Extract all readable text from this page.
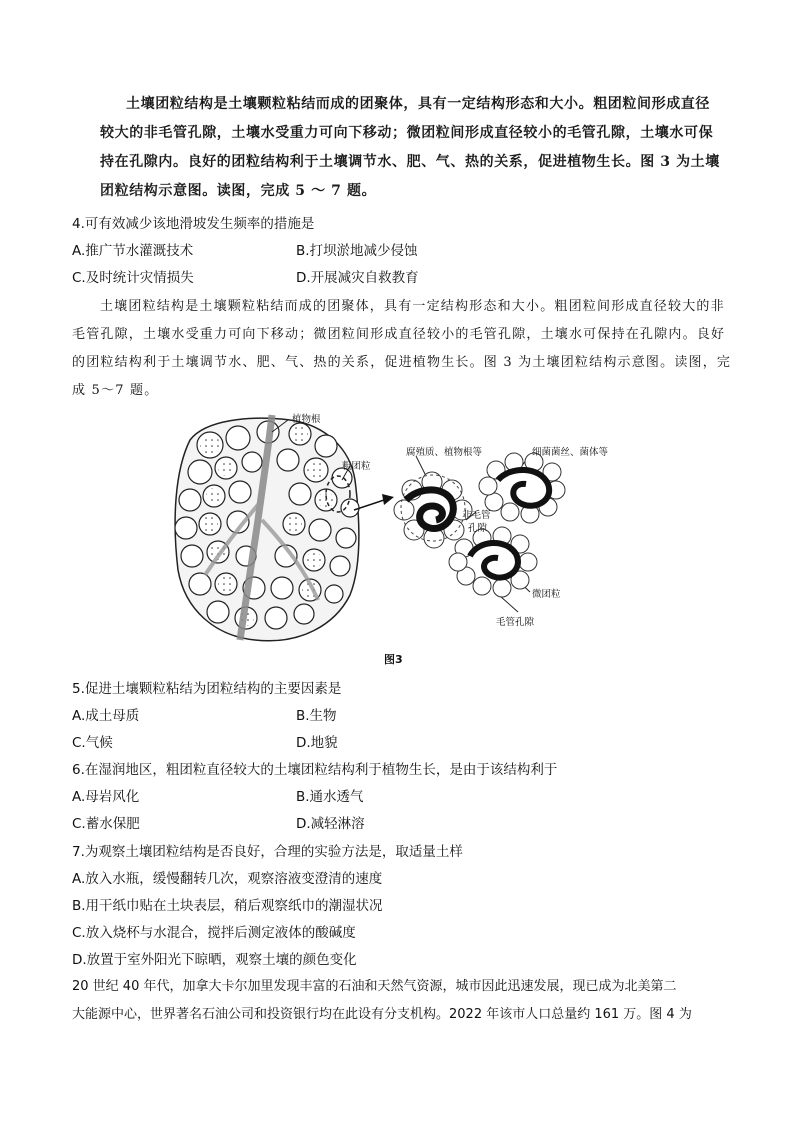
土壤团粒结构是土壤颗粒粘结而成的团聚体，具有一定结构形态和大小。粗团粒间形成直径
较大的非毛管孔隙，土壤水受重力可向下移动；微团粒间形成直径较小的毛管孔隙，土壤水可保
持在孔隙内。良好的团粒结构利于土壤调节水、肥、气、热的关系，促进植物生长。图 3 为土壤
团粒结构示意图。读图，完成 5 ～ 7 题。
4.可有效减少该地滑坡发生频率的措施是
A.推广节水灌溉技术	B.打坝淤地减少侵蚀
C.及时统计灾情损失	D.开展减灾自救教育
土壤团粒结构是土壤颗粒粘结而成的团聚体，具有一定结构形态和大小。粗团粒间形成直径较大的非
毛管孔隙，土壤水受重力可向下移动；微团粒间形成直径较小的毛管孔隙，土壤水可保持在孔隙内。良好
的团粒结构利于土壤调节水、肥、气、热的关系，促进植物生长。图 3 为土壤团粒结构示意图。读图，完
成 5～7 题。
植物根
粗团粒
腐殖质、植物根等	细菌菌丝、菌体等
非毛管
孔隙
微团粒
毛管孔隙
图3
5.促进土壤颗粒粘结为团粒结构的主要因素是
A.成土母质	B.生物
C.气候	D.地貌
6.在湿润地区，粗团粒直径较大的土壤团粒结构利于植物生长，是由于该结构利于
A.母岩风化	B.通水透气
C.蓄水保肥	D.减轻淋溶
7.为观察土壤团粒结构是否良好，合理的实验方法是，取适量土样
A.放入水瓶，缓慢翻转几次，观察溶液变澄清的速度
B.用干纸巾贴在土块表层，稍后观察纸巾的潮湿状况
C.放入烧杯与水混合，搅拌后测定液体的酸碱度
D.放置于室外阳光下晾晒，观察土壤的颜色变化
20 世纪 40 年代，加拿大卡尔加里发现丰富的石油和天然气资源，城市因此迅速发展，现已成为北美第二
大能源中心，世界著名石油公司和投资银行均在此设有分支机构。2022 年该市人口总量约 161 万。图 4 为
